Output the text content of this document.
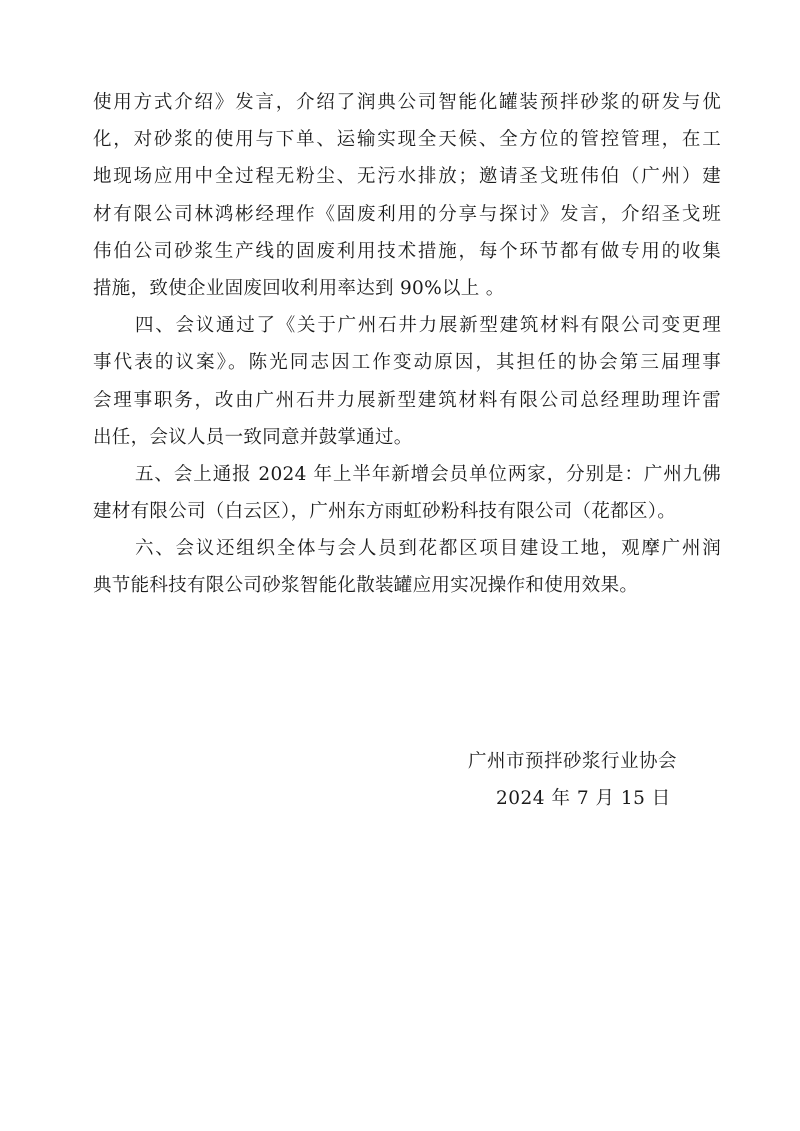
使用方式介绍》发言，介绍了润典公司智能化罐装预拌砂浆的研发与优
化，对砂浆的使用与下单、运输实现全天候、全方位的管控管理，在工
地现场应用中全过程无粉尘、无污水排放；邀请圣戈班伟伯（广州）建
材有限公司林鸿彬经理作《固废利用的分享与探讨》发言，介绍圣戈班
伟伯公司砂浆生产线的固废利用技术措施，每个环节都有做专用的收集
措施，致使企业固废回收利用率达到 90%以上 。
四、会议通过了《关于广州石井力展新型建筑材料有限公司变更理
事代表的议案》。陈光同志因工作变动原因，其担任的协会第三届理事
会理事职务，改由广州石井力展新型建筑材料有限公司总经理助理许雷
出任，会议人员一致同意并鼓掌通过。
五、会上通报 2024 年上半年新增会员单位两家，分别是：广州九佛
建材有限公司（白云区），广州东方雨虹砂粉科技有限公司（花都区）。
六、会议还组织全体与会人员到花都区项目建设工地，观摩广州润
典节能科技有限公司砂浆智能化散装罐应用实况操作和使用效果。
广州市预拌砂浆行业协会
2024 年 7 月 15 日
